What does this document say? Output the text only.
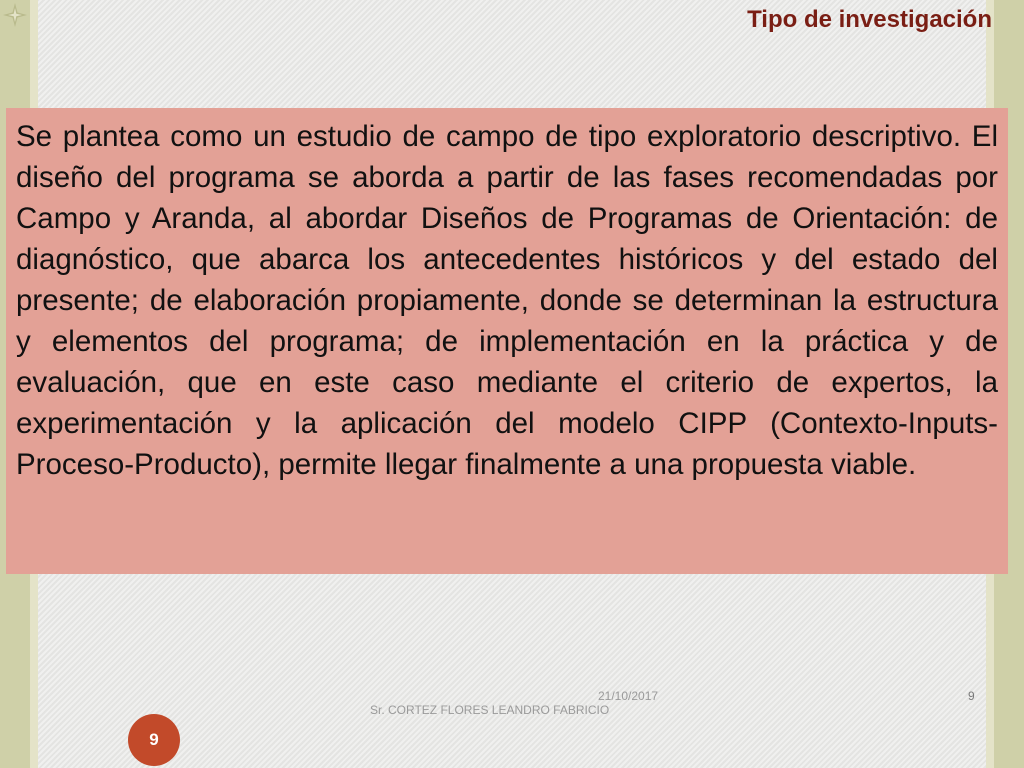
Tipo de investigación

Se plantea como un estudio de campo de tipo exploratorio descriptivo. El diseño del programa se aborda a partir de las fases recomendadas por Campo y Aranda, al abordar Diseños de Programas de Orientación: de diagnóstico, que abarca los antecedentes históricos y del estado del presente; de elaboración propiamente, donde se determinan la estructura y elementos del programa; de implementación en la práctica y de evaluación, que en este caso mediante el criterio de expertos, la experimentación y la aplicación del modelo CIPP (Contexto-Inputs-Proceso-Producto), permite llegar finalmente a una propuesta viable.

21/10/2017	9
Sr. CORTEZ FLORES LEANDRO FABRICIO
9
